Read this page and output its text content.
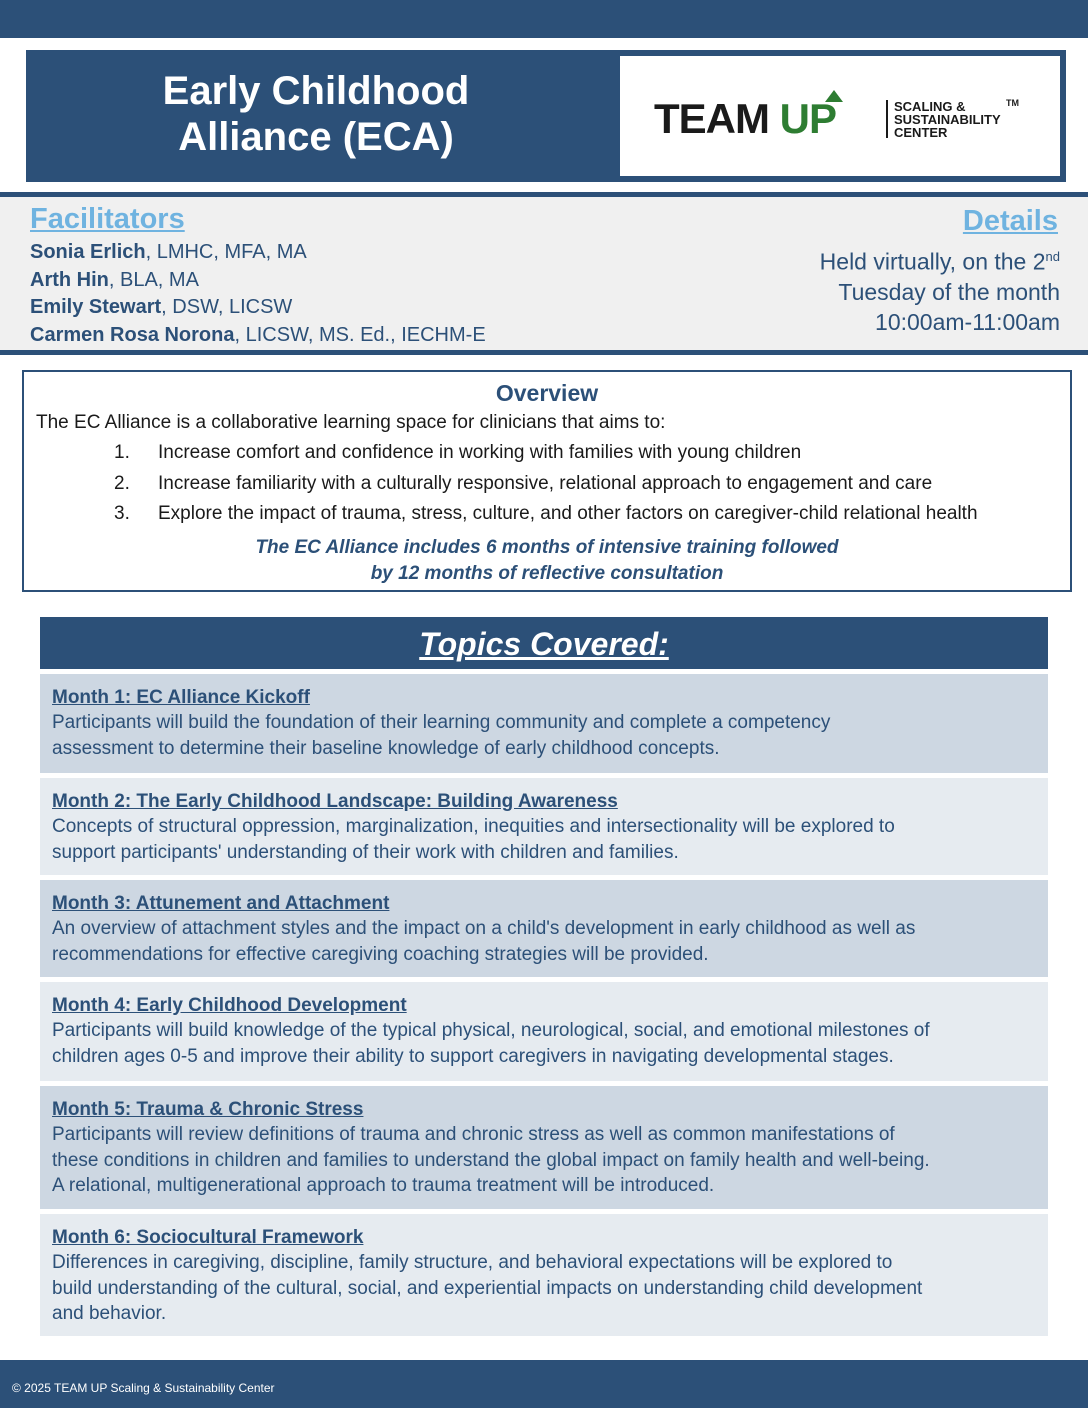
Early Childhood
Alliance (ECA)	TEAM UP	SCALING &
SUSTAINABILITY
CENTER
TM
Facilitators
Sonia Erlich, LMHC, MFA, MA
Arth Hin, BLA, MA
Emily Stewart, DSW, LICSW
Carmen Rosa Norona, LICSW, MS. Ed., IECHM-E
Details
Held virtually, on the 2nd
Tuesday of the month
10:00am-11:00am
Overview
The EC Alliance is a collaborative learning space for clinicians that aims to:
1. Increase comfort and confidence in working with families with young children
2. Increase familiarity with a culturally responsive, relational approach to engagement and care
3. Explore the impact of trauma, stress, culture, and other factors on caregiver-child relational health
The EC Alliance includes 6 months of intensive training followed
by 12 months of reflective consultation
Topics Covered:
Month 1: EC Alliance Kickoff
Participants will build the foundation of their learning community and complete a competency
assessment to determine their baseline knowledge of early childhood concepts.
Month 2: The Early Childhood Landscape: Building Awareness
Concepts of structural oppression, marginalization, inequities and intersectionality will be explored to
support participants' understanding of their work with children and families.
Month 3: Attunement and Attachment
An overview of attachment styles and the impact on a child's development in early childhood as well as
recommendations for effective caregiving coaching strategies will be provided.
Month 4: Early Childhood Development
Participants will build knowledge of the typical physical, neurological, social, and emotional milestones of
children ages 0-5 and improve their ability to support caregivers in navigating developmental stages.
Month 5: Trauma & Chronic Stress
Participants will review definitions of trauma and chronic stress as well as common manifestations of
these conditions in children and families to understand the global impact on family health and well-being.
A relational, multigenerational approach to trauma treatment will be introduced.
Month 6: Sociocultural Framework
Differences in caregiving, discipline, family structure, and behavioral expectations will be explored to
build understanding of the cultural, social, and experiential impacts on understanding child development
and behavior.
© 2025 TEAM UP Scaling & Sustainability Center
